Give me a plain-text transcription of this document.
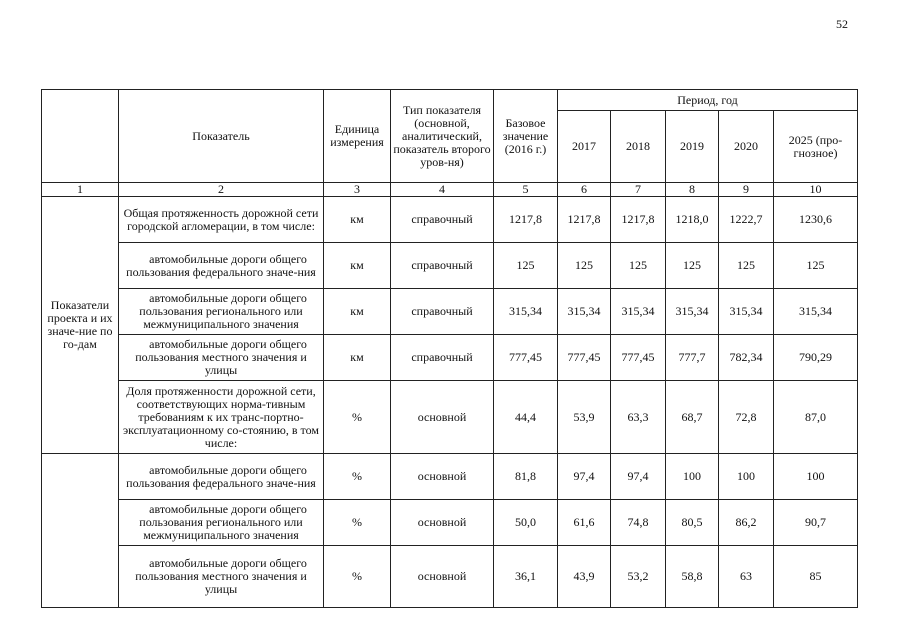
52
	Показатель	Единица измерения	Тип показателя (основной, аналитический, показатель второго уров-ня)	Базовое значение (2016 г.)	Период, год				
					2017	2018	2019	2020	2025 (про-гнозное)
1	2	3	4	5	6	7	8	9	10
Показатели проекта и их значе-ние по го-дам	Общая протяженность дорожной сети городской агломерации, в том числе:	км	справочный	1217,8	1217,8	1217,8	1218,0	1222,7	1230,6
	автомобильные дороги общего пользования федерального значе-ния	км	справочный	125	125	125	125	125	125
	автомобильные дороги общего пользования регионального или межмуниципального значения	км	справочный	315,34	315,34	315,34	315,34	315,34	315,34
	автомобильные дороги общего пользования местного значения и улицы	км	справочный	777,45	777,45	777,45	777,7	782,34	790,29
	Доля протяженности дорожной сети, соответствующих норма-тивным требованиям к их транс-портно-эксплуатационному со-стоянию, в том числе:	%	основной	44,4	53,9	63,3	68,7	72,8	87,0
	автомобильные дороги общего пользования федерального значе-ния	%	основной	81,8	97,4	97,4	100	100	100
	автомобильные дороги общего пользования регионального или межмуниципального значения	%	основной	50,0	61,6	74,8	80,5	86,2	90,7
	автомобильные дороги общего пользования местного значения и улицы	%	основной	36,1	43,9	53,2	58,8	63	85
